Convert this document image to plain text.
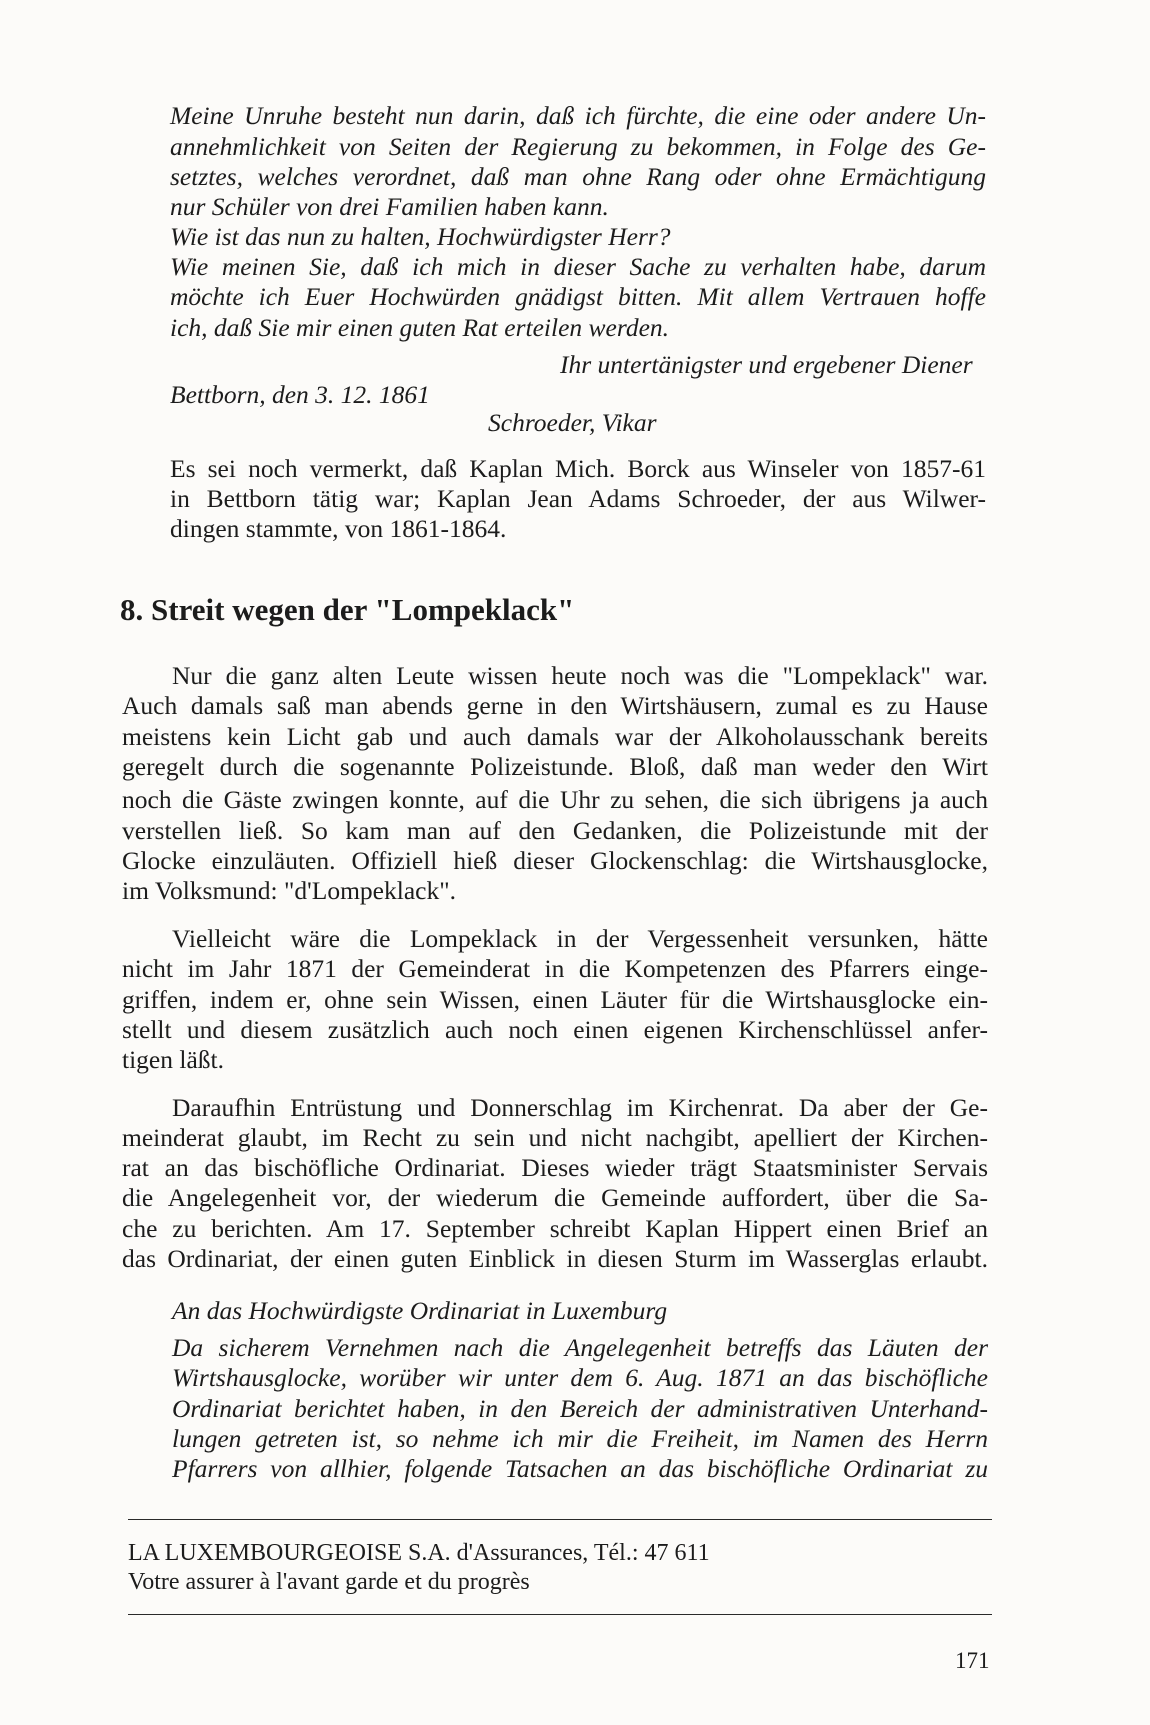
Meine Unruhe besteht nun darin, daß ich fürchte, die eine oder andere Un-
annehmlichkeit von Seiten der Regierung zu bekommen, in Folge des Ge-
setztes, welches verordnet, daß man ohne Rang oder ohne Ermächtigung
nur Schüler von drei Familien haben kann.
Wie ist das nun zu halten, Hochwürdigster Herr?
Wie meinen Sie, daß ich mich in dieser Sache zu verhalten habe, darum
möchte ich Euer Hochwürden gnädigst bitten. Mit allem Vertrauen hoffe
ich, daß Sie mir einen guten Rat erteilen werden.
Ihr untertänigster und ergebener Diener
Bettborn, den 3. 12. 1861
Schroeder, Vikar
Es sei noch vermerkt, daß Kaplan Mich. Borck aus Winseler von 1857-61
in Bettborn tätig war; Kaplan Jean Adams Schroeder, der aus Wilwer-
dingen stammte, von 1861-1864.
8. Streit wegen der "Lompeklack"
Nur die ganz alten Leute wissen heute noch was die "Lompeklack" war.
Auch damals saß man abends gerne in den Wirtshäusern, zumal es zu Hause
meistens kein Licht gab und auch damals war der Alkoholausschank bereits
geregelt durch die sogenannte Polizeistunde. Bloß, daß man weder den Wirt
noch die Gäste zwingen konnte, auf die Uhr zu sehen, die sich übrigens ja auch
verstellen ließ. So kam man auf den Gedanken, die Polizeistunde mit der
Glocke einzuläuten. Offiziell hieß dieser Glockenschlag: die Wirtshausglocke,
im Volksmund: "d'Lompeklack".
Vielleicht wäre die Lompeklack in der Vergessenheit versunken, hätte
nicht im Jahr 1871 der Gemeinderat in die Kompetenzen des Pfarrers einge-
griffen, indem er, ohne sein Wissen, einen Läuter für die Wirtshausglocke ein-
stellt und diesem zusätzlich auch noch einen eigenen Kirchenschlüssel anfer-
tigen läßt.
Daraufhin Entrüstung und Donnerschlag im Kirchenrat. Da aber der Ge-
meinderat glaubt, im Recht zu sein und nicht nachgibt, apelliert der Kirchen-
rat an das bischöfliche Ordinariat. Dieses wieder trägt Staatsminister Servais
die Angelegenheit vor, der wiederum die Gemeinde auffordert, über die Sa-
che zu berichten. Am 17. September schreibt Kaplan Hippert einen Brief an
das Ordinariat, der einen guten Einblick in diesen Sturm im Wasserglas erlaubt.
An das Hochwürdigste Ordinariat in Luxemburg
Da sicherem Vernehmen nach die Angelegenheit betreffs das Läuten der
Wirtshausglocke, worüber wir unter dem 6. Aug. 1871 an das bischöfliche
Ordinariat berichtet haben, in den Bereich der administrativen Unterhand-
lungen getreten ist, so nehme ich mir die Freiheit, im Namen des Herrn
Pfarrers von allhier, folgende Tatsachen an das bischöfliche Ordinariat zu
LA LUXEMBOURGEOISE S.A. d'Assurances, Tél.: 47 611
Votre assurer à l'avant garde et du progrès
171
